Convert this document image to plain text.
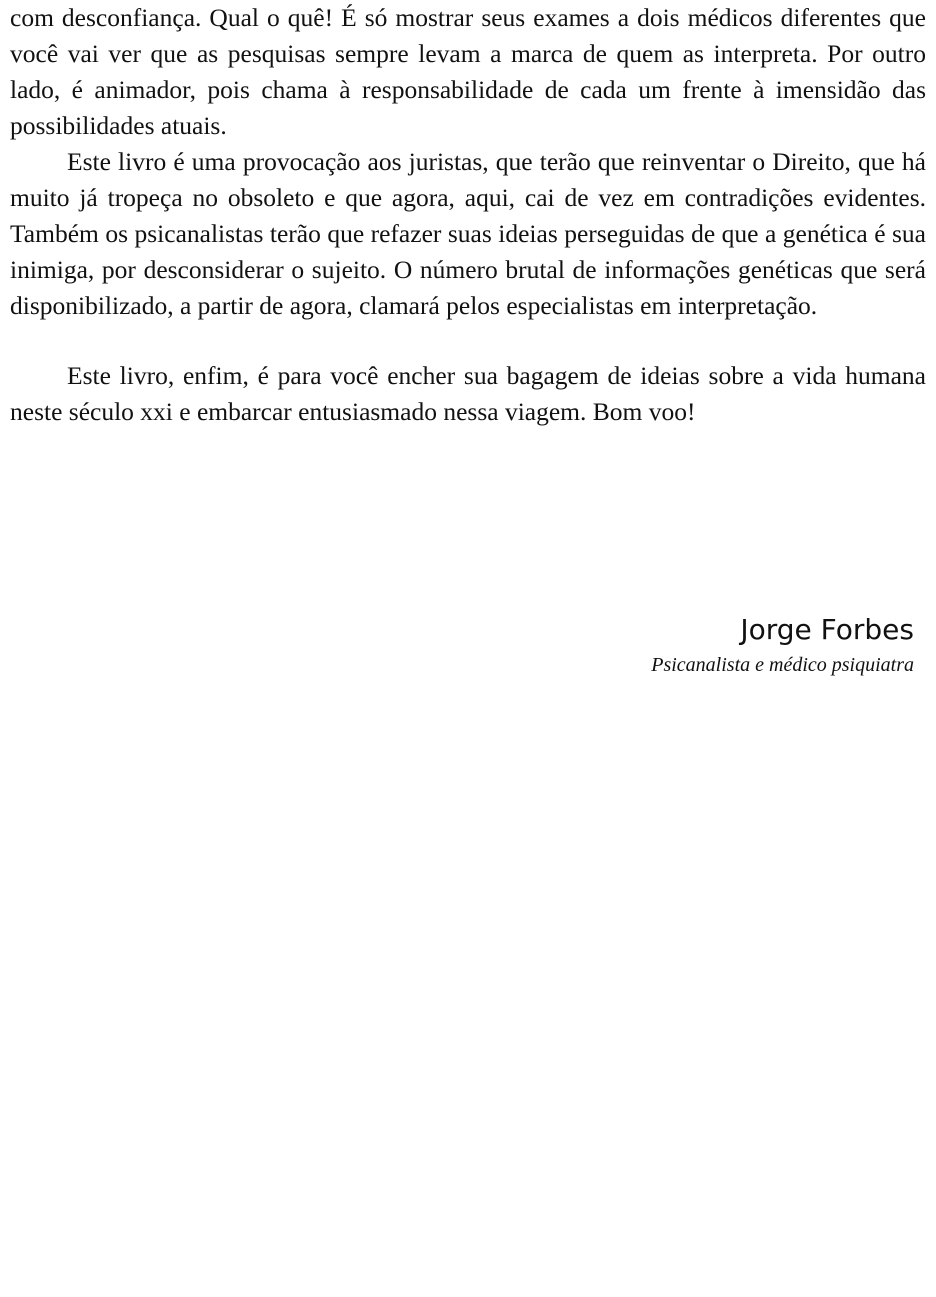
com desconfiança. Qual o quê! É só mostrar seus exames a dois médicos diferentes que você vai ver que as pesquisas sempre levam a marca de quem as interpreta. Por outro lado, é animador, pois chama à responsabilidade de cada um frente à imensidão das possibilidades atuais.

Este livro é uma provocação aos juristas, que terão que reinventar o Direito, que há muito já tropeça no obsoleto e que agora, aqui, cai de vez em contradições evidentes. Também os psicanalistas terão que refazer suas ideias perseguidas de que a genética é sua inimiga, por desconsiderar o sujeito. O número brutal de informações genéticas que será disponibilizado, a partir de agora, clamará pelos especialistas em interpretação.

Este livro, enfim, é para você encher sua bagagem de ideias sobre a vida humana neste século xxi e embarcar entusiasmado nessa viagem. Bom voo!

Jorge Forbes
Psicanalista e médico psiquiatra
